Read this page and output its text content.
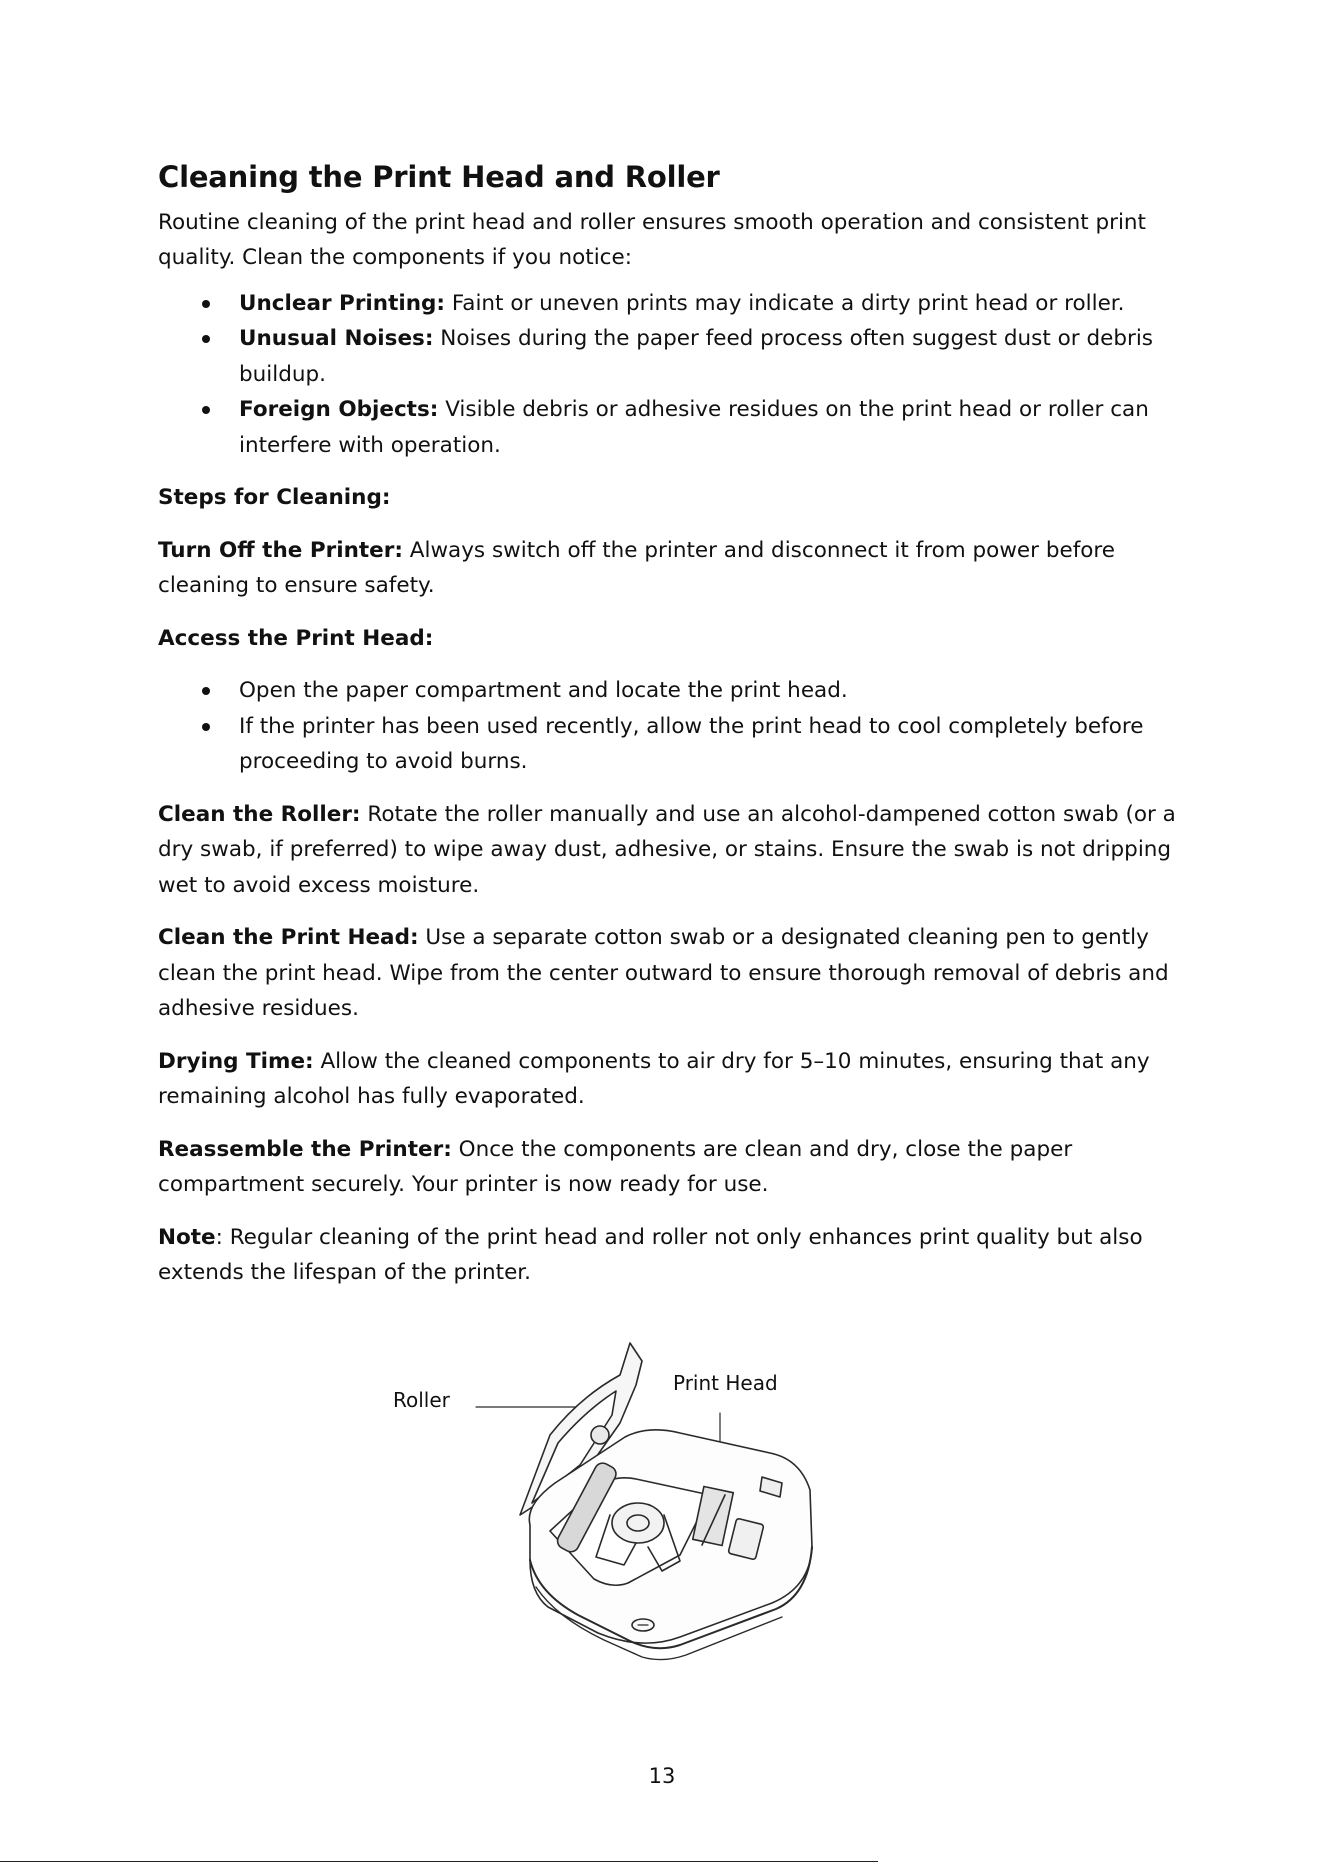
Cleaning the Print Head and Roller

Routine cleaning of the print head and roller ensures smooth operation and consistent print quality. Clean the components if you notice:

Unclear Printing: Faint or uneven prints may indicate a dirty print head or roller.
Unusual Noises: Noises during the paper feed process often suggest dust or debris buildup.
Foreign Objects: Visible debris or adhesive residues on the print head or roller can interfere with operation.

Steps for Cleaning:

Turn Off the Printer: Always switch off the printer and disconnect it from power before cleaning to ensure safety.

Access the Print Head:

Open the paper compartment and locate the print head.
If the printer has been used recently, allow the print head to cool completely before proceeding to avoid burns.

Clean the Roller: Rotate the roller manually and use an alcohol-dampened cotton swab (or a dry swab, if preferred) to wipe away dust, adhesive, or stains. Ensure the swab is not dripping wet to avoid excess moisture.

Clean the Print Head: Use a separate cotton swab or a designated cleaning pen to gently clean the print head. Wipe from the center outward to ensure thorough removal of debris and adhesive residues.

Drying Time: Allow the cleaned components to air dry for 5–10 minutes, ensuring that any remaining alcohol has fully evaporated.

Reassemble the Printer: Once the components are clean and dry, close the paper compartment securely. Your printer is now ready for use.

Note: Regular cleaning of the print head and roller not only enhances print quality but also extends the lifespan of the printer.

Roller
Print Head
13
